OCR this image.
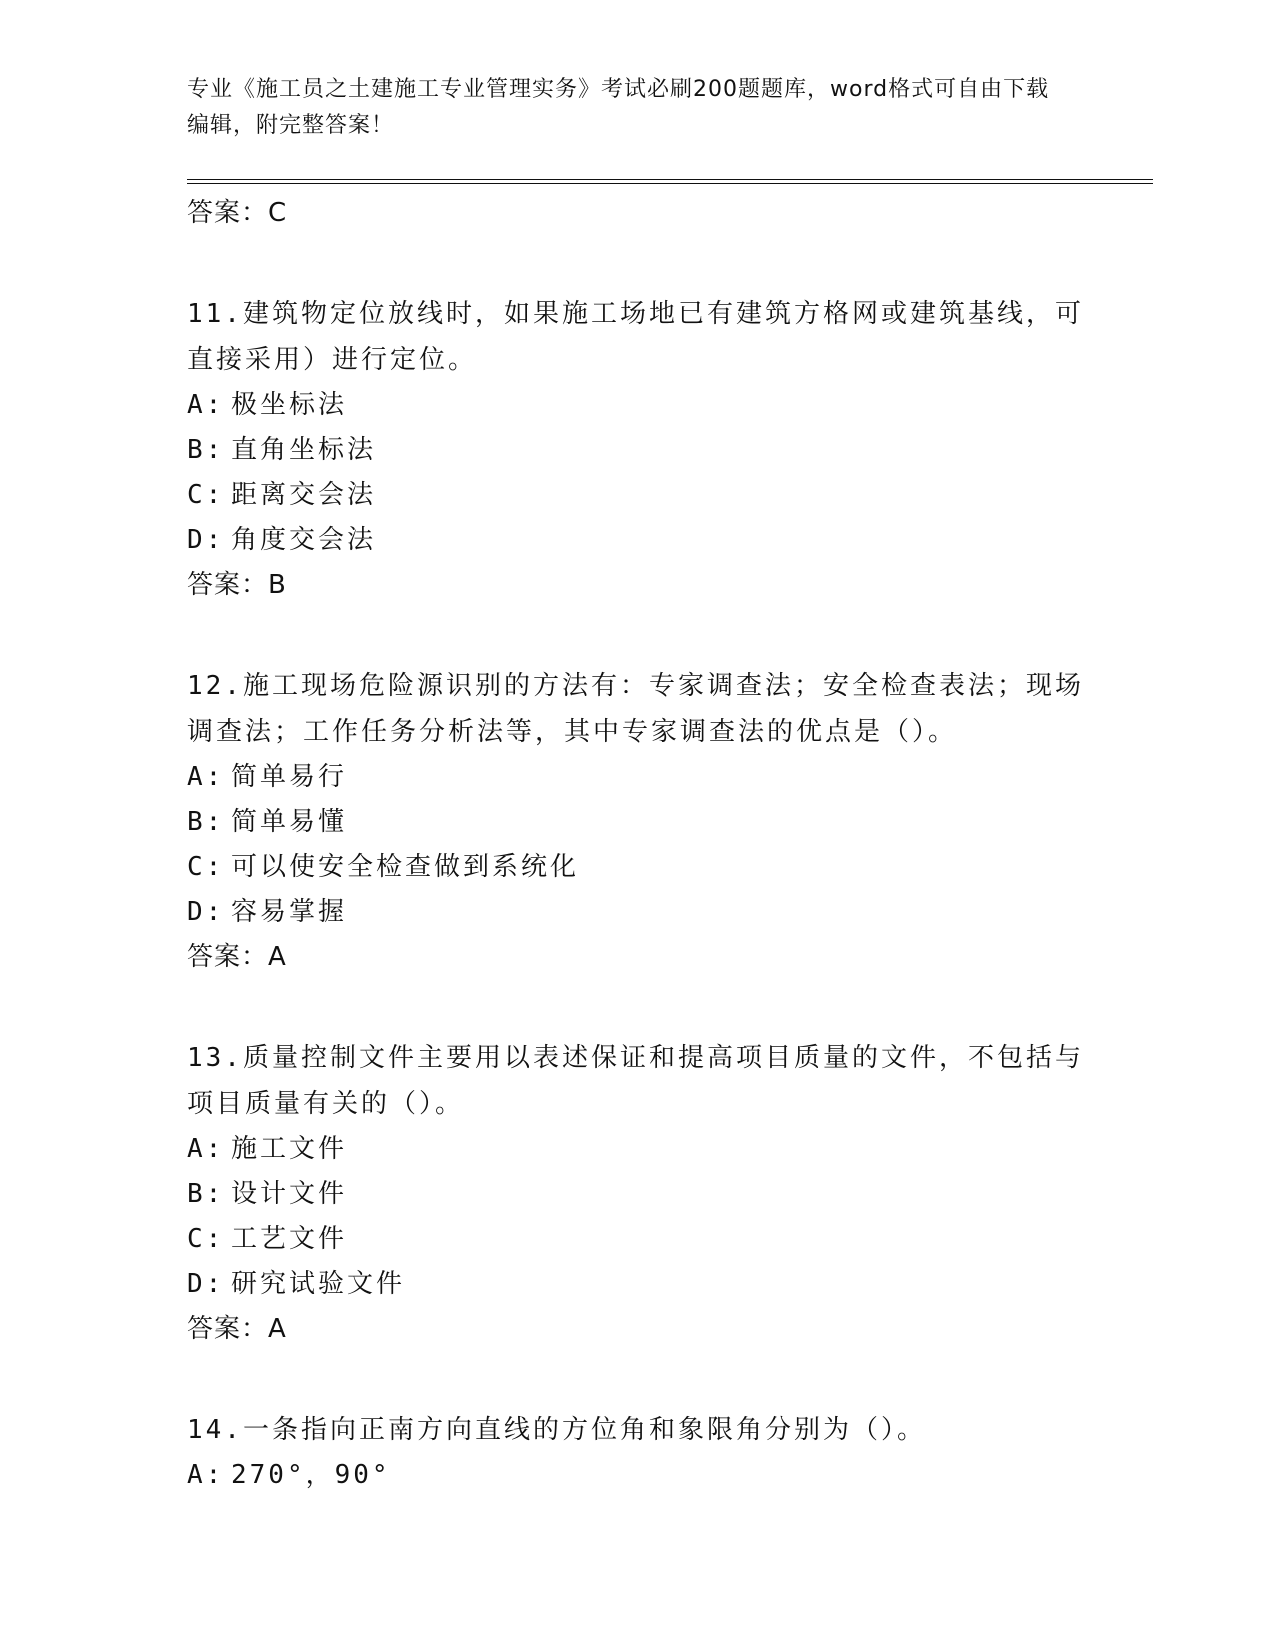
专业《施工员之土建施工专业管理实务》考试必刷200题题库，word格式可自由下载编辑，附完整答案！
答案：C

11.建筑物定位放线时，如果施工场地已有建筑方格网或建筑基线，可直接采用）进行定位。

A: 极坐标法

B: 直角坐标法

C: 距离交会法

D: 角度交会法

答案：B

12.施工现场危险源识别的方法有：专家调查法；安全检查表法；现场调查法；工作任务分析法等，其中专家调查法的优点是（）。

A: 简单易行

B: 简单易懂

C: 可以使安全检查做到系统化

D: 容易掌握

答案：A

13.质量控制文件主要用以表述保证和提高项目质量的文件，不包括与项目质量有关的（）。

A: 施工文件

B: 设计文件

C: 工艺文件

D: 研究试验文件

答案：A

14.一条指向正南方向直线的方位角和象限角分别为（）。

A: 270°，90°
